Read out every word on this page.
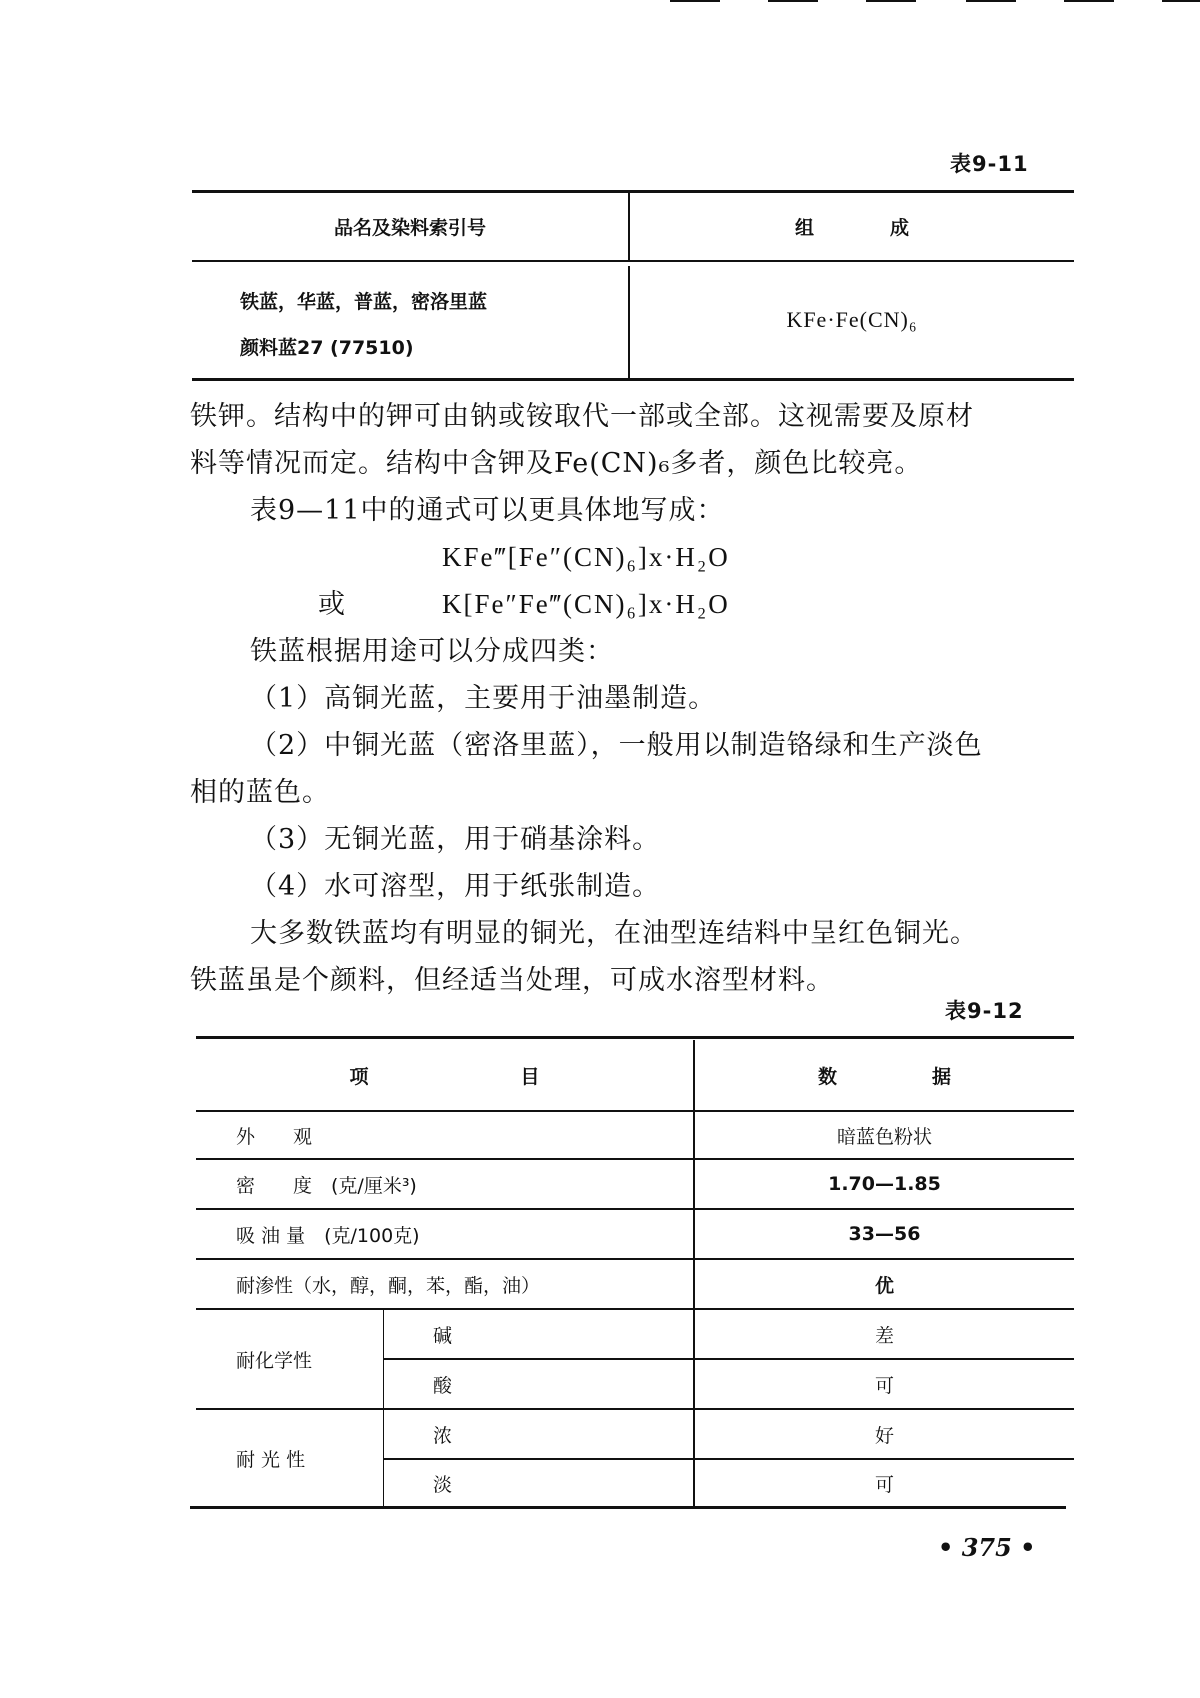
表9-11
品名及染料索引号	组　　　　成
铁蓝，华蓝，普蓝，密洛里蓝
颜料蓝27 (77510)
KFe·Fe(CN)₆

铁钾。结构中的钾可由钠或铵取代一部或全部。这视需要及原材

料等情况而定。结构中含钾及Fe(CN)₆多者，颜色比较亮。

表9—11中的通式可以更具体地写成：

KFe‴[Fe″(CN)₆]x·H₂O

或	K[Fe″Fe‴(CN)₆]x·H₂O

铁蓝根据用途可以分成四类：

（1）高铜光蓝，主要用于油墨制造。

（2）中铜光蓝（密洛里蓝），一般用以制造铬绿和生产淡色

相的蓝色。

（3）无铜光蓝，用于硝基涂料。

（4）水可溶型，用于纸张制造。

大多数铁蓝均有明显的铜光，在油型连结料中呈红色铜光。

铁蓝虽是个颜料，但经适当处理，可成水溶型材料。

表9-12
项　　　　　　　　目	数　　　　　据
外　　观	暗蓝色粉状
密　　度　(克/厘米³)	1.70—1.85
吸 油 量　(克/100克)	33—56
耐渗性（水，醇，酮，苯，酯，油）	优
耐化学性
碱	差
酸	可
耐 光 性
浓	好
淡	可
• 375 •
